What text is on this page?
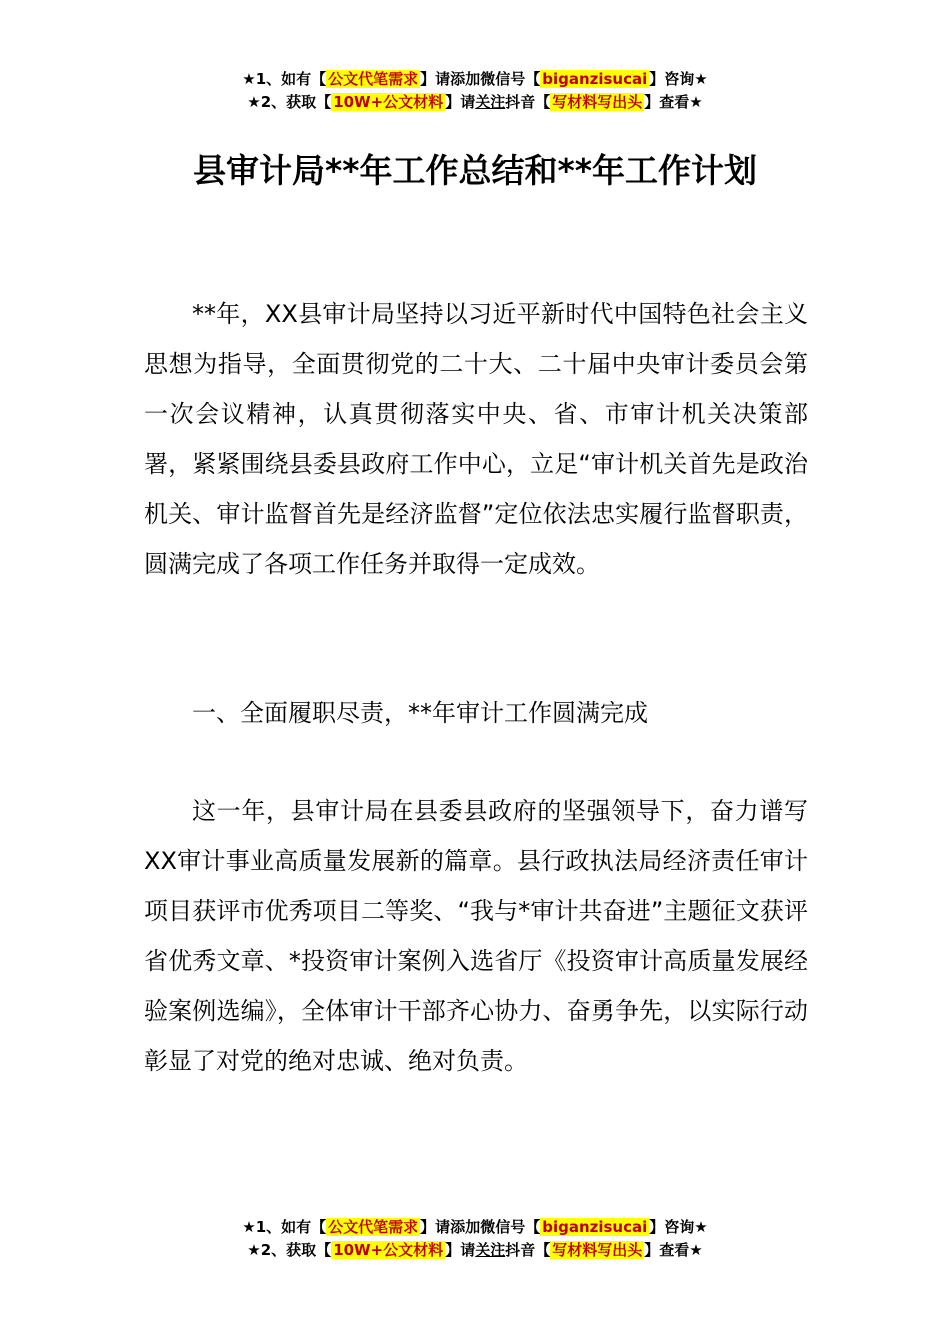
★1、如有【 公文代笔需求 】请添加微信号【 biganzisucai 】咨询★
★2、获取【 10W+公文材料 】请关注抖音【 写材料写出头 】查看★
县审计局**年工作总结和**年工作计划

**年，XX县审计局坚持以习近平新时代中国特色社会主义思想为指导，全面贯彻党的二十大、二十届中央审计委员会第一次会议精神，认真贯彻落实中央、省、市审计机关决策部署，紧紧围绕县委县政府工作中心，立足“审计机关首先是政治机关、审计监督首先是经济监督”定位依法忠实履行监督职责，圆满完成了各项工作任务并取得一定成效。

一、全面履职尽责，**年审计工作圆满完成

这一年，县审计局在县委县政府的坚强领导下，奋力谱写XX审计事业高质量发展新的篇章。县行政执法局经济责任审计项目获评市优秀项目二等奖、“我与*审计共奋进”主题征文获评省优秀文章、*投资审计案例入选省厅《投资审计高质量发展经验案例选编》，全体审计干部齐心协力、奋勇争先，以实际行动彰显了对党的绝对忠诚、绝对负责。

★1、如有【 公文代笔需求 】请添加微信号【 biganzisucai 】咨询★
★2、获取【 10W+公文材料 】请关注抖音【 写材料写出头 】查看★
